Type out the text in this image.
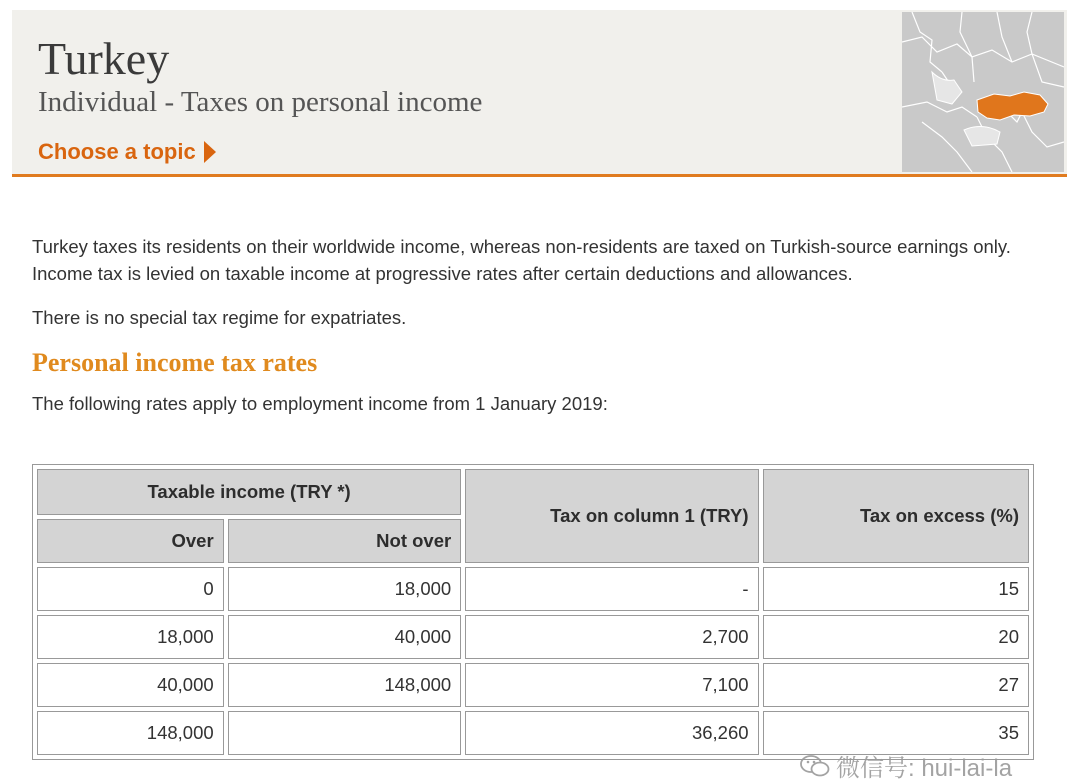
Turkey
Individual - Taxes on personal income
Choose a topic

Turkey taxes its residents on their worldwide income, whereas non-residents are taxed on Turkish-source earnings only. Income tax is levied on taxable income at progressive rates after certain deductions and allowances.

There is no special tax regime for expatriates.

Personal income tax rates

The following rates apply to employment income from 1 January 2019:

Taxable income (TRY *)		Tax on column 1 (TRY)	Tax on excess (%)
Over	Not over		
0	18,000	-	15
18,000	40,000	2,700	20
40,000	148,000	7,100	27
148,000		36,260	35
微信号: hui-lai-la
